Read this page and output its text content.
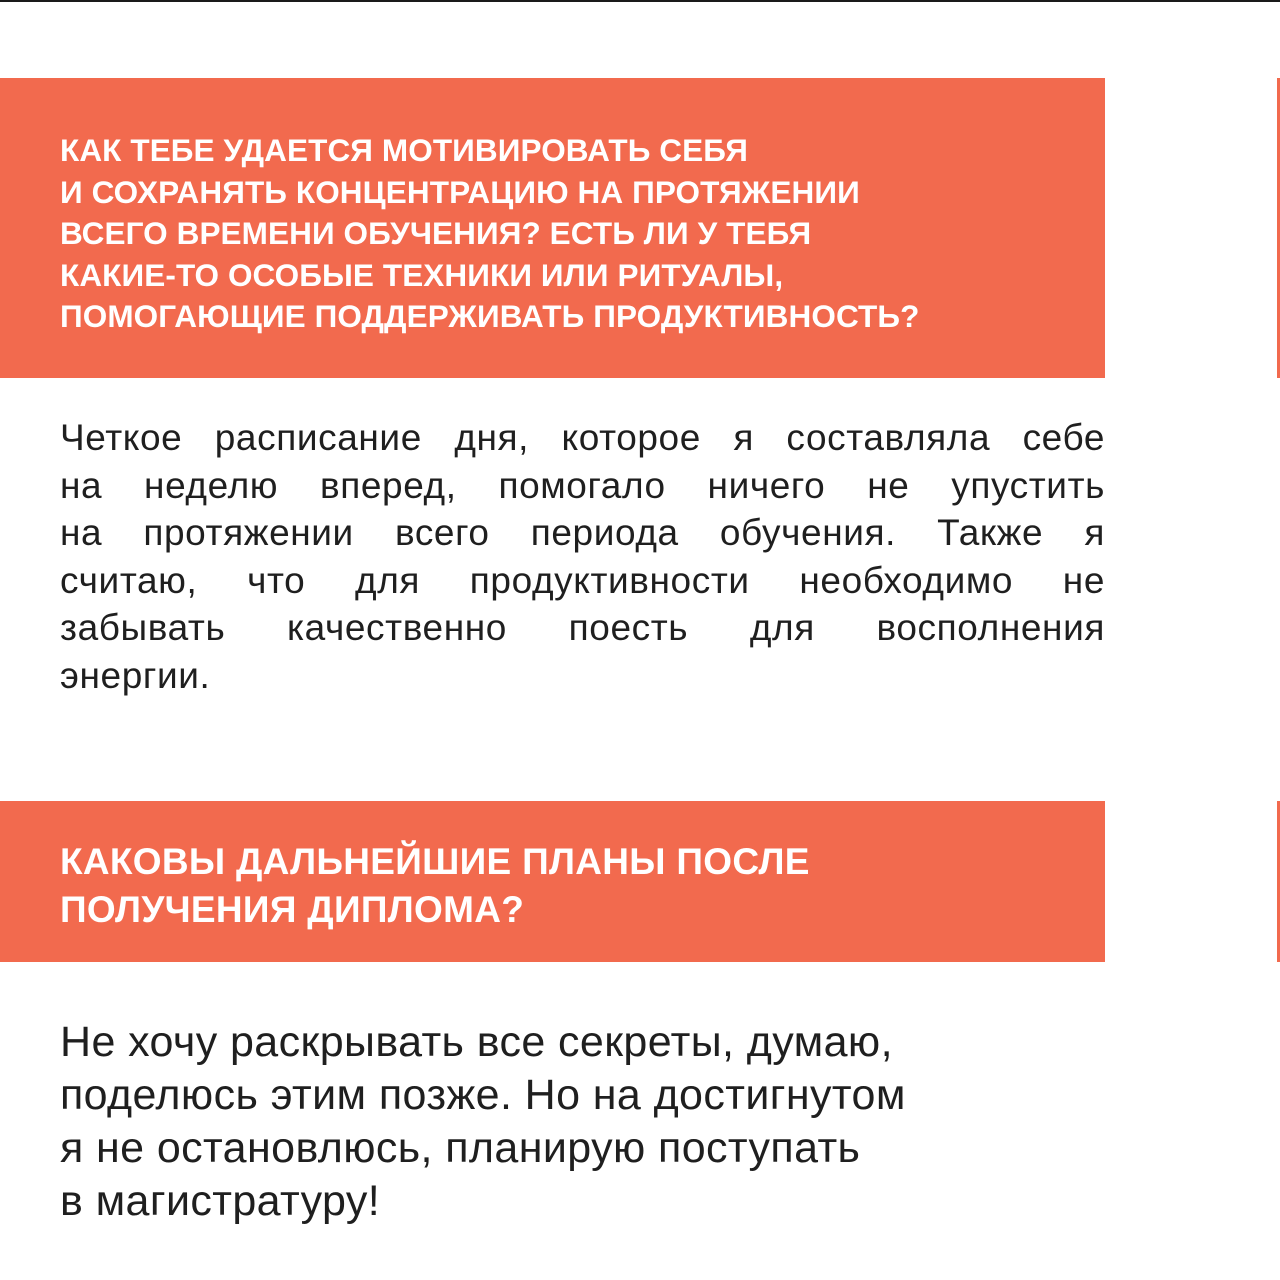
КАК ТЕБЕ УДАЕТСЯ МОТИВИРОВАТЬ СЕБЯ
И СОХРАНЯТЬ КОНЦЕНТРАЦИЮ НА ПРОТЯЖЕНИИ
ВСЕГО ВРЕМЕНИ ОБУЧЕНИЯ? ЕСТЬ ЛИ У ТЕБЯ
КАКИЕ-ТО ОСОБЫЕ ТЕХНИКИ ИЛИ РИТУАЛЫ,
ПОМОГАЮЩИЕ ПОДДЕРЖИВАТЬ ПРОДУКТИВНОСТЬ?

Четкое расписание дня, которое я составляла себе
на неделю вперед, помогало ничего не упустить
на протяжении всего периода обучения. Также я
считаю, что для продуктивности необходимо не
забывать качественно поесть для восполнения
энергии.

КАКОВЫ ДАЛЬНЕЙШИЕ ПЛАНЫ ПОСЛЕ
ПОЛУЧЕНИЯ ДИПЛОМА?

Не хочу раскрывать все секреты, думаю,
поделюсь этим позже. Но на достигнутом
я не остановлюсь, планирую поступать
в магистратуру!
